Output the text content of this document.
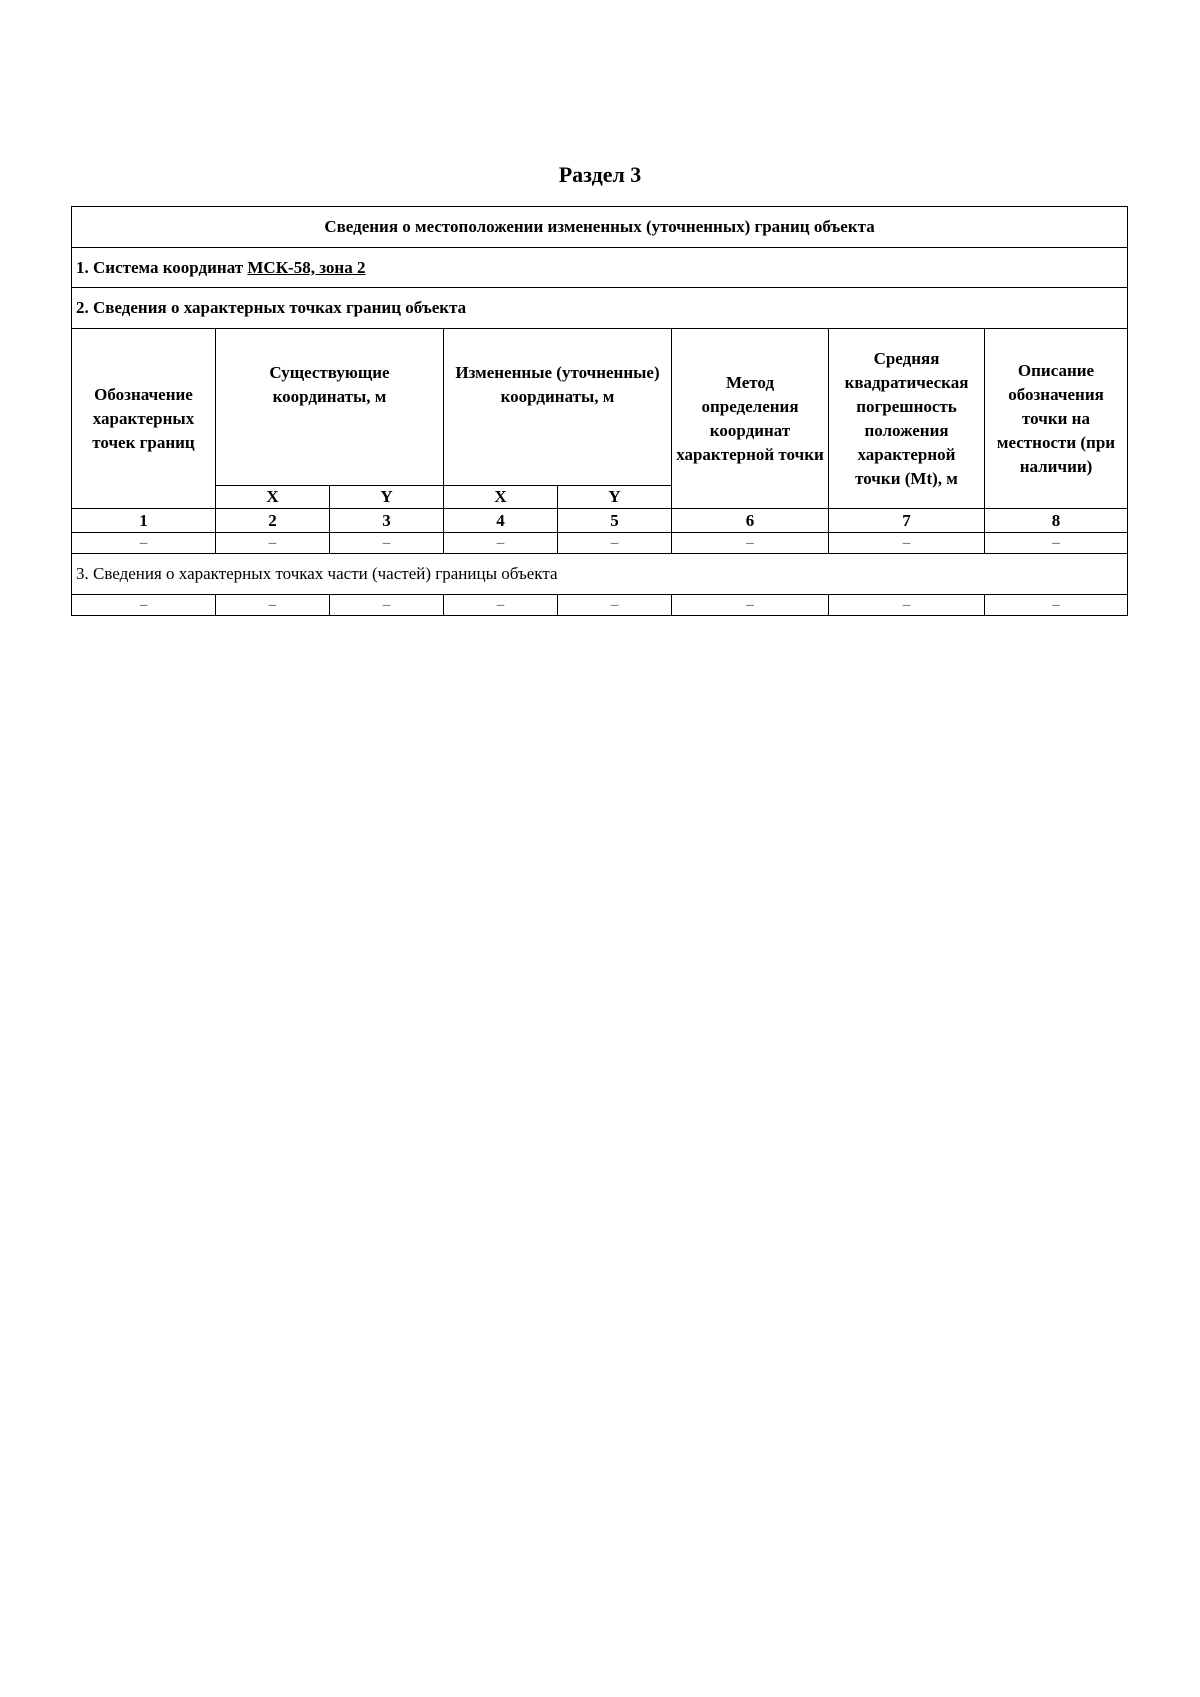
Раздел 3
Сведения о местоположении измененных (уточненных) границ объекта							
1. Система координат МСК-58, зона 2							
2. Сведения о характерных точках границ объекта							
Обозначение характерных точек границ	Существующие координаты, м		Измененные (уточненные) координаты, м		Метод определения координат характерной точки	Средняя квадратическая погрешность положения характерной точки (Mt), м	Описание обозначения точки на местности (при наличии)
	X	Y	X	Y			
1	2	3	4	5	6	7	8
–	–	–	–	–	–	–	–
3. Сведения о характерных точках части (частей) границы объекта							
–	–	–	–	–	–	–	–
